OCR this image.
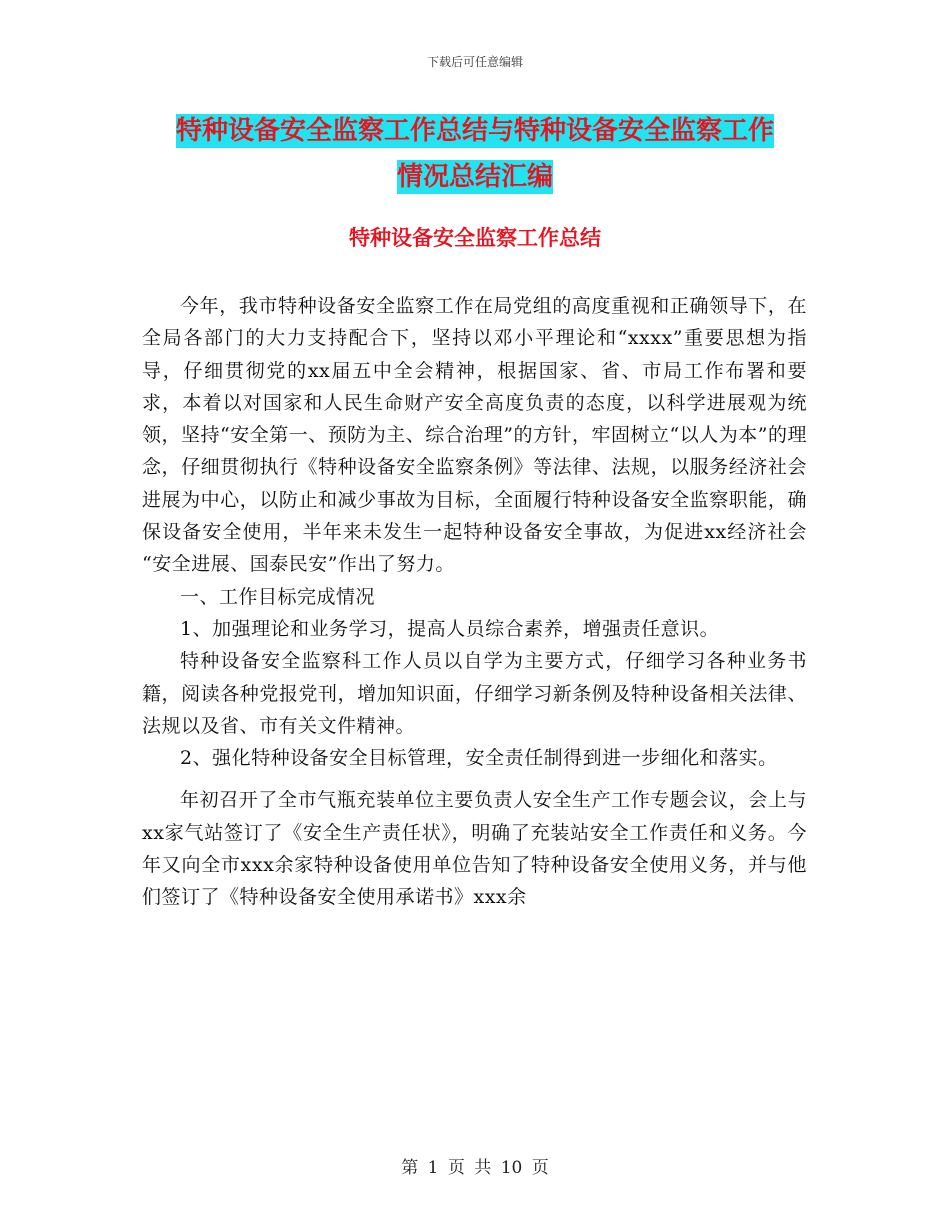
下载后可任意编辑
特种设备安全监察工作总结与特种设备安全监察工作
情况总结汇编
特种设备安全监察工作总结

今年，我市特种设备安全监察工作在局党组的高度重视和正确领导下，在全局各部门的大力支持配合下，坚持以邓小平理论和“xxxx”重要思想为指导，仔细贯彻党的xx届五中全会精神，根据国家、省、市局工作布署和要求，本着以对国家和人民生命财产安全高度负责的态度，以科学进展观为统领，坚持“安全第一、预防为主、综合治理”的方针，牢固树立“以人为本”的理念，仔细贯彻执行《特种设备安全监察条例》等法律、法规，以服务经济社会进展为中心，以防止和减少事故为目标，全面履行特种设备安全监察职能，确保设备安全使用，半年来未发生一起特种设备安全事故，为促进xx经济社会 “安全进展、国泰民安”作出了努力。

一、工作目标完成情况

1、加强理论和业务学习，提高人员综合素养，增强责任意识。

特种设备安全监察科工作人员以自学为主要方式，仔细学习各种业务书籍，阅读各种党报党刊，增加知识面，仔细学习新条例及特种设备相关法律、法规以及省、市有关文件精神。

2、强化特种设备安全目标管理，安全责任制得到进一步细化和落实。

年初召开了全市气瓶充装单位主要负责人安全生产工作专题会议，会上与xx家气站签订了《安全生产责任状》，明确了充装站安全工作责任和义务。今年又向全市xxx余家特种设备使用单位告知了特种设备安全使用义务，并与他们签订了《特种设备安全使用承诺书》xxx余

第 1 页 共 10 页
